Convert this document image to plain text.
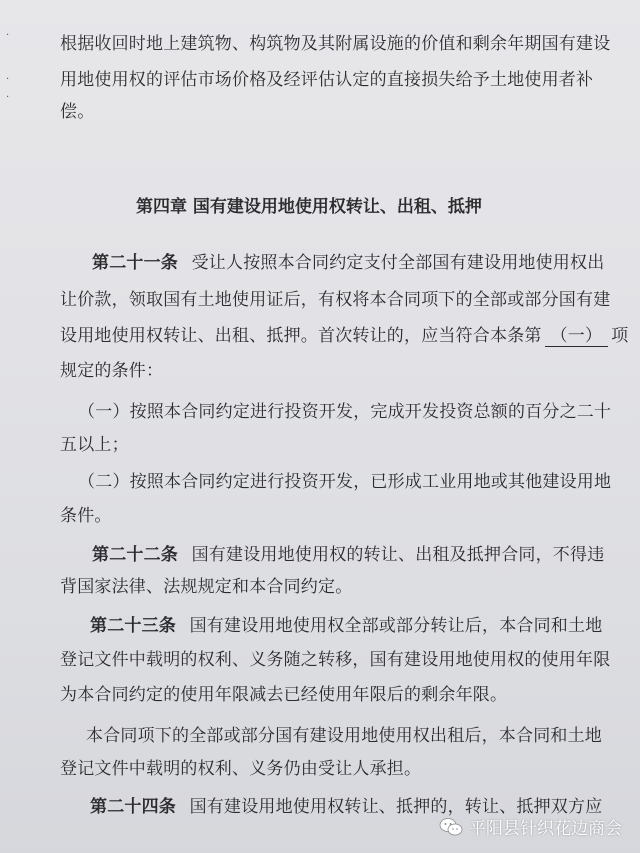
·
·
·
根据收回时地上建筑物、构筑物及其附属设施的价值和剩余年期国有建设
用地使用权的评估市场价格及经评估认定的直接损失给予土地使用者补
偿。
第四章 国有建设用地使用权转让、出租、抵押
第二十一条 受让人按照本合同约定支付全部国有建设用地使用权出
让价款，领取国有土地使用证后，有权将本合同项下的全部或部分国有建
设用地使用权转让、出租、抵押。首次转让的，应当符合本条第 （一） 项
规定的条件：
（一）按照本合同约定进行投资开发，完成开发投资总额的百分之二十
五以上；
（二）按照本合同约定进行投资开发，已形成工业用地或其他建设用地
条件。
第二十二条 国有建设用地使用权的转让、出租及抵押合同，不得违
背国家法律、法规规定和本合同约定。
第二十三条 国有建设用地使用权全部或部分转让后，本合同和土地
登记文件中载明的权利、义务随之转移，国有建设用地使用权的使用年限
为本合同约定的使用年限减去已经使用年限后的剩余年限。
本合同项下的全部或部分国有建设用地使用权出租后，本合同和土地
登记文件中载明的权利、义务仍由受让人承担。
第二十四条 国有建设用地使用权转让、抵押的，转让、抵押双方应
平阳县针织花边商会
